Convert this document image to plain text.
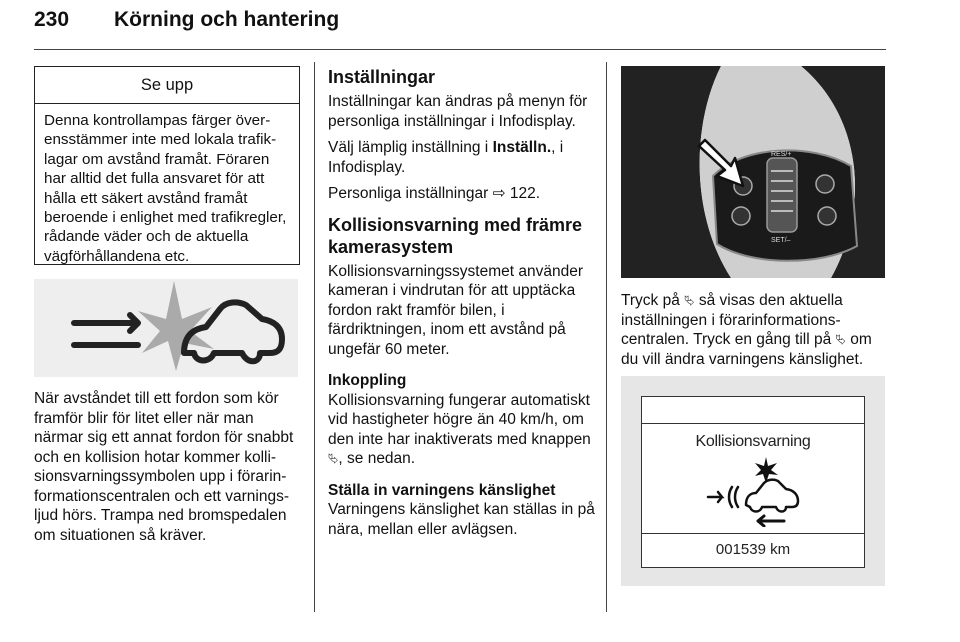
230 Körning och hantering
Se upp
Denna kontrollampas färger överensstämmer inte med lokala trafiklagar om avstånd framåt. Föraren har alltid det fulla ansvaret för att hålla ett säkert avstånd framåt beroende i enlighet med trafikregler, rådande väder och de aktuella vägförhållandena etc.
När avståndet till ett fordon som kör framför blir för litet eller när man närmar sig ett annat fordon för snabbt och en kollision hotar kommer kollisionsvarningssymbolen upp i förarinformationscentralen och ett varningsljud hörs. Trampa ned bromspedalen om situationen så kräver.
Inställningar

Inställningar kan ändras på menyn för personliga inställningar i Infodisplay.

Välj lämplig inställning i Inställn., i Infodisplay.

Personliga inställningar ⇨ 122.

Kollisionsvarning med främre kamerasystem

Kollisionsvarningssystemet använder kameran i vindrutan för att upptäcka fordon rakt framför bilen, i färdriktningen, inom ett avstånd på ungefär 60 meter.

Inkoppling

Kollisionsvarning fungerar automatiskt vid hastigheter högre än 40 km/h, om den inte har inaktiverats med knappen ⮱, se nedan.

Ställa in varningens känslighet

Varningens känslighet kan ställas in på nära, mellan eller avlägsen.

RES/+
SET/–
Tryck på ⮱ så visas den aktuella inställningen i förarinformationscentralen. Tryck en gång till på ⮱ om du vill ändra varningens känslighet.
Kollisionsvarning
001539 km
